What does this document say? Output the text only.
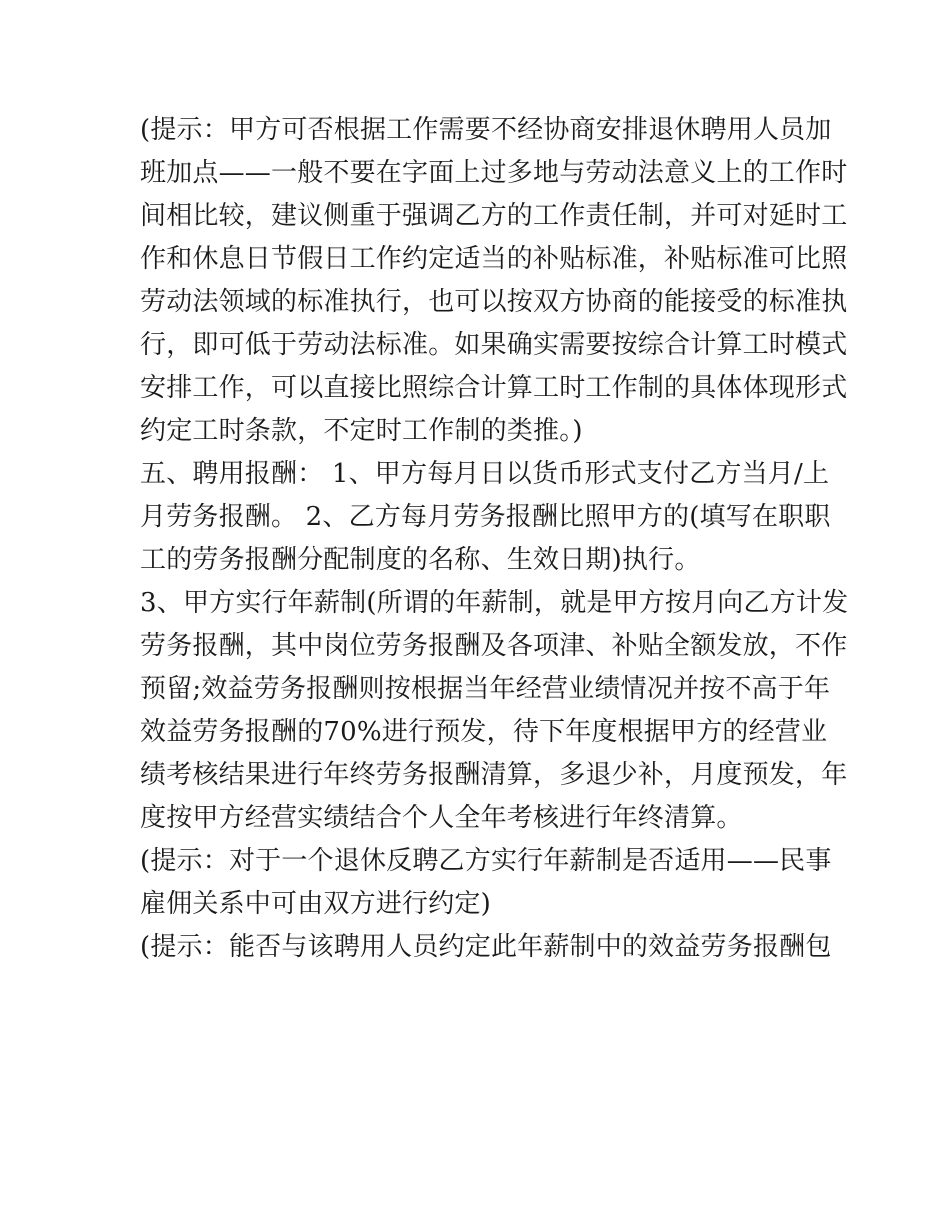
(提示：甲方可否根据工作需要不经协商安排退休聘用人员加
班加点——一般不要在字面上过多地与劳动法意义上的工作时
间相比较，建议侧重于强调乙方的工作责任制，并可对延时工
作和休息日节假日工作约定适当的补贴标准，补贴标准可比照
劳动法领域的标准执行，也可以按双方协商的能接受的标准执
行，即可低于劳动法标准。如果确实需要按综合计算工时模式
安排工作，可以直接比照综合计算工时工作制的具体体现形式
约定工时条款，不定时工作制的类推。)
五、聘用报酬： 1、甲方每月日以货币形式支付乙方当月/上
月劳务报酬。 2、乙方每月劳务报酬比照甲方的(填写在职职
工的劳务报酬分配制度的名称、生效日期)执行。
3、甲方实行年薪制(所谓的年薪制，就是甲方按月向乙方计发
劳务报酬，其中岗位劳务报酬及各项津、补贴全额发放，不作
预留;效益劳务报酬则按根据当年经营业绩情况并按不高于年
效益劳务报酬的70%进行预发，待下年度根据甲方的经营业
绩考核结果进行年终劳务报酬清算，多退少补，月度预发，年
度按甲方经营实绩结合个人全年考核进行年终清算。
(提示：对于一个退休反聘乙方实行年薪制是否适用——民事
雇佣关系中可由双方进行约定)
(提示：能否与该聘用人员约定此年薪制中的效益劳务报酬包
